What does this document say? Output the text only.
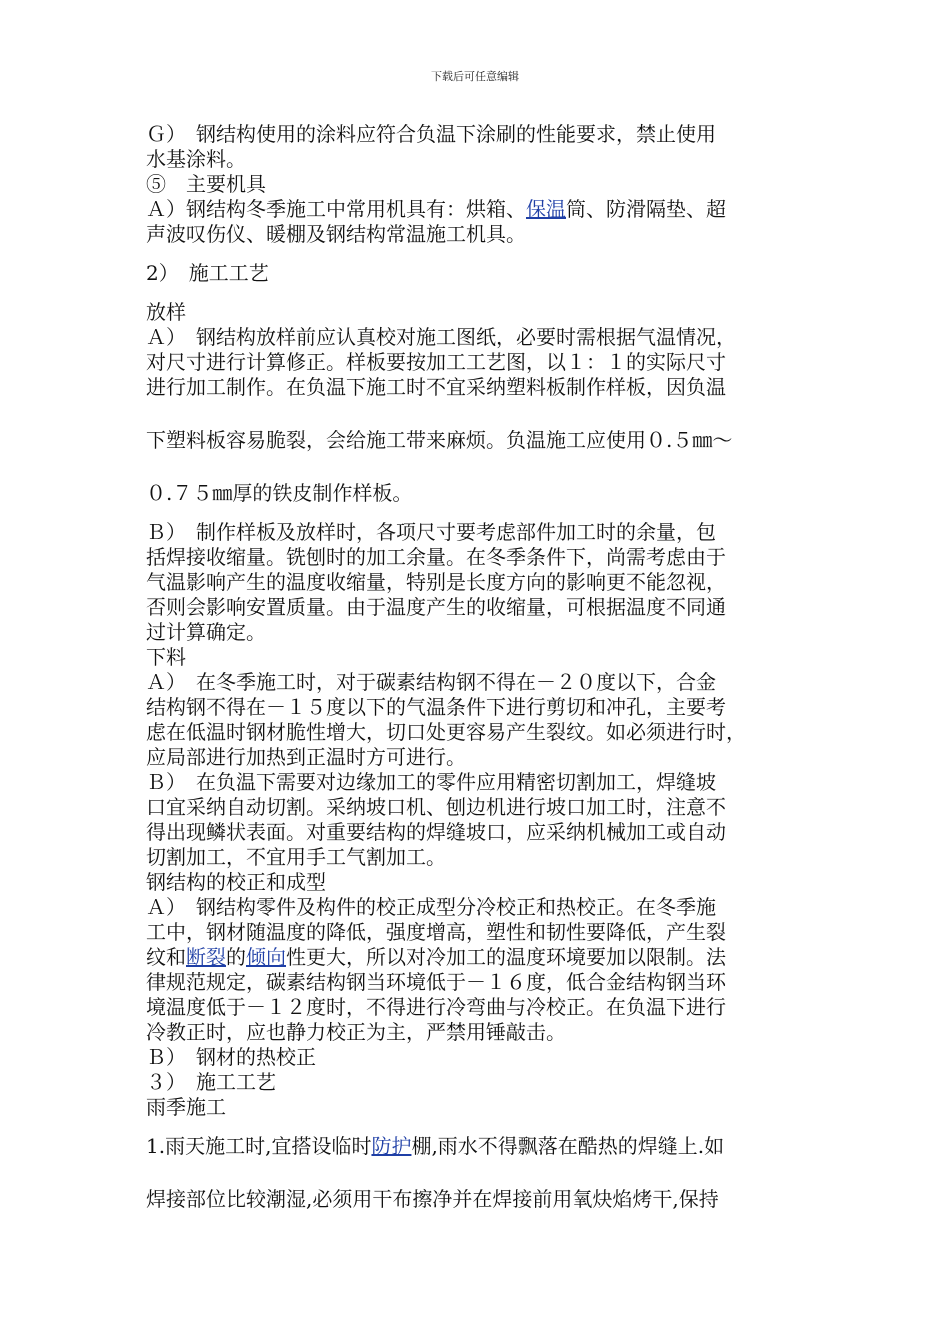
下载后可任意编辑
Ｇ）　钢结构使用的涂料应符合负温下涂刷的性能要求，禁止使用
水基涂料。
⑤　主要机具
Ａ）钢结构冬季施工中常用机具有：烘箱、保温筒、防滑隔垫、超
声波叹伤仪、暖棚及钢结构常温施工机具。
2）　施工工艺
放样
Ａ）　钢结构放样前应认真校对施工图纸，必要时需根据气温情况，
对尺寸进行计算修正。样板要按加工工艺图，以１：１的实际尺寸
进行加工制作。在负温下施工时不宜采纳塑料板制作样板，因负温
下塑料板容易脆裂，会给施工带来麻烦。负温施工应使用０.５㎜～
０.７５㎜厚的铁皮制作样板。
Ｂ）　制作样板及放样时，各项尺寸要考虑部件加工时的余量，包
括焊接收缩量。铣刨时的加工余量。在冬季条件下，尚需考虑由于
气温影响产生的温度收缩量，特别是长度方向的影响更不能忽视，
否则会影响安置质量。由于温度产生的收缩量，可根据温度不同通
过计算确定。
下料
Ａ）　在冬季施工时，对于碳素结构钢不得在－２０度以下，合金
结构钢不得在－１５度以下的气温条件下进行剪切和冲孔，主要考
虑在低温时钢材脆性增大，切口处更容易产生裂纹。如必须进行时，
应局部进行加热到正温时方可进行。
Ｂ）　在负温下需要对边缘加工的零件应用精密切割加工，焊缝坡
口宜采纳自动切割。采纳坡口机、刨边机进行坡口加工时，注意不
得出现鳞状表面。对重要结构的焊缝坡口，应采纳机械加工或自动
切割加工，不宜用手工气割加工。
钢结构的校正和成型
Ａ）　钢结构零件及构件的校正成型分冷校正和热校正。在冬季施
工中，钢材随温度的降低，强度增高，塑性和韧性要降低，产生裂
纹和断裂的倾向性更大，所以对冷加工的温度环境要加以限制。法
律规范规定，碳素结构钢当环境低于－１６度，低合金结构钢当环
境温度低于－１２度时，不得进行冷弯曲与冷校正。在负温下进行
冷教正时，应也静力校正为主，严禁用锤敲击。
Ｂ）　钢材的热校正
３）　施工工艺
雨季施工
1.雨天施工时,宜搭设临时防护棚,雨水不得飘落在酷热的焊缝上.如
焊接部位比较潮湿,必须用干布擦净并在焊接前用氧炔焰烤干,保持
